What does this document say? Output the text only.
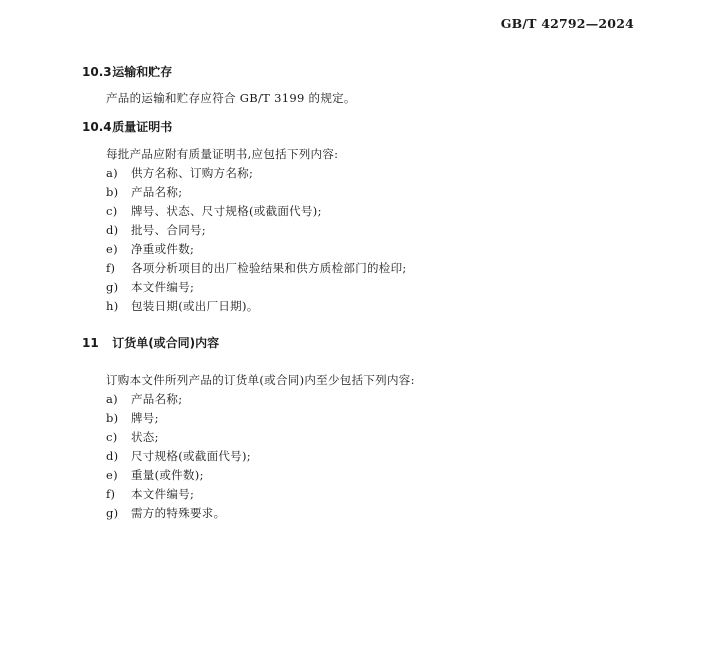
GB/T 42792—2024
10.3 运输和贮存
产品的运输和贮存应符合 GB/T 3199 的规定。
10.4 质量证明书
每批产品应附有质量证明书,应包括下列内容:
a) 供方名称、订购方名称;
b) 产品名称;
c) 牌号、状态、尺寸规格(或截面代号);
d) 批号、合同号;
e) 净重或件数;
f) 各项分析项目的出厂检验结果和供方质检部门的检印;
g) 本文件编号;
h) 包装日期(或出厂日期)。
11 订货单(或合同)内容
订购本文件所列产品的订货单(或合同)内至少包括下列内容:
a) 产品名称;
b) 牌号;
c) 状态;
d) 尺寸规格(或截面代号);
e) 重量(或件数);
f) 本文件编号;
g) 需方的特殊要求。
